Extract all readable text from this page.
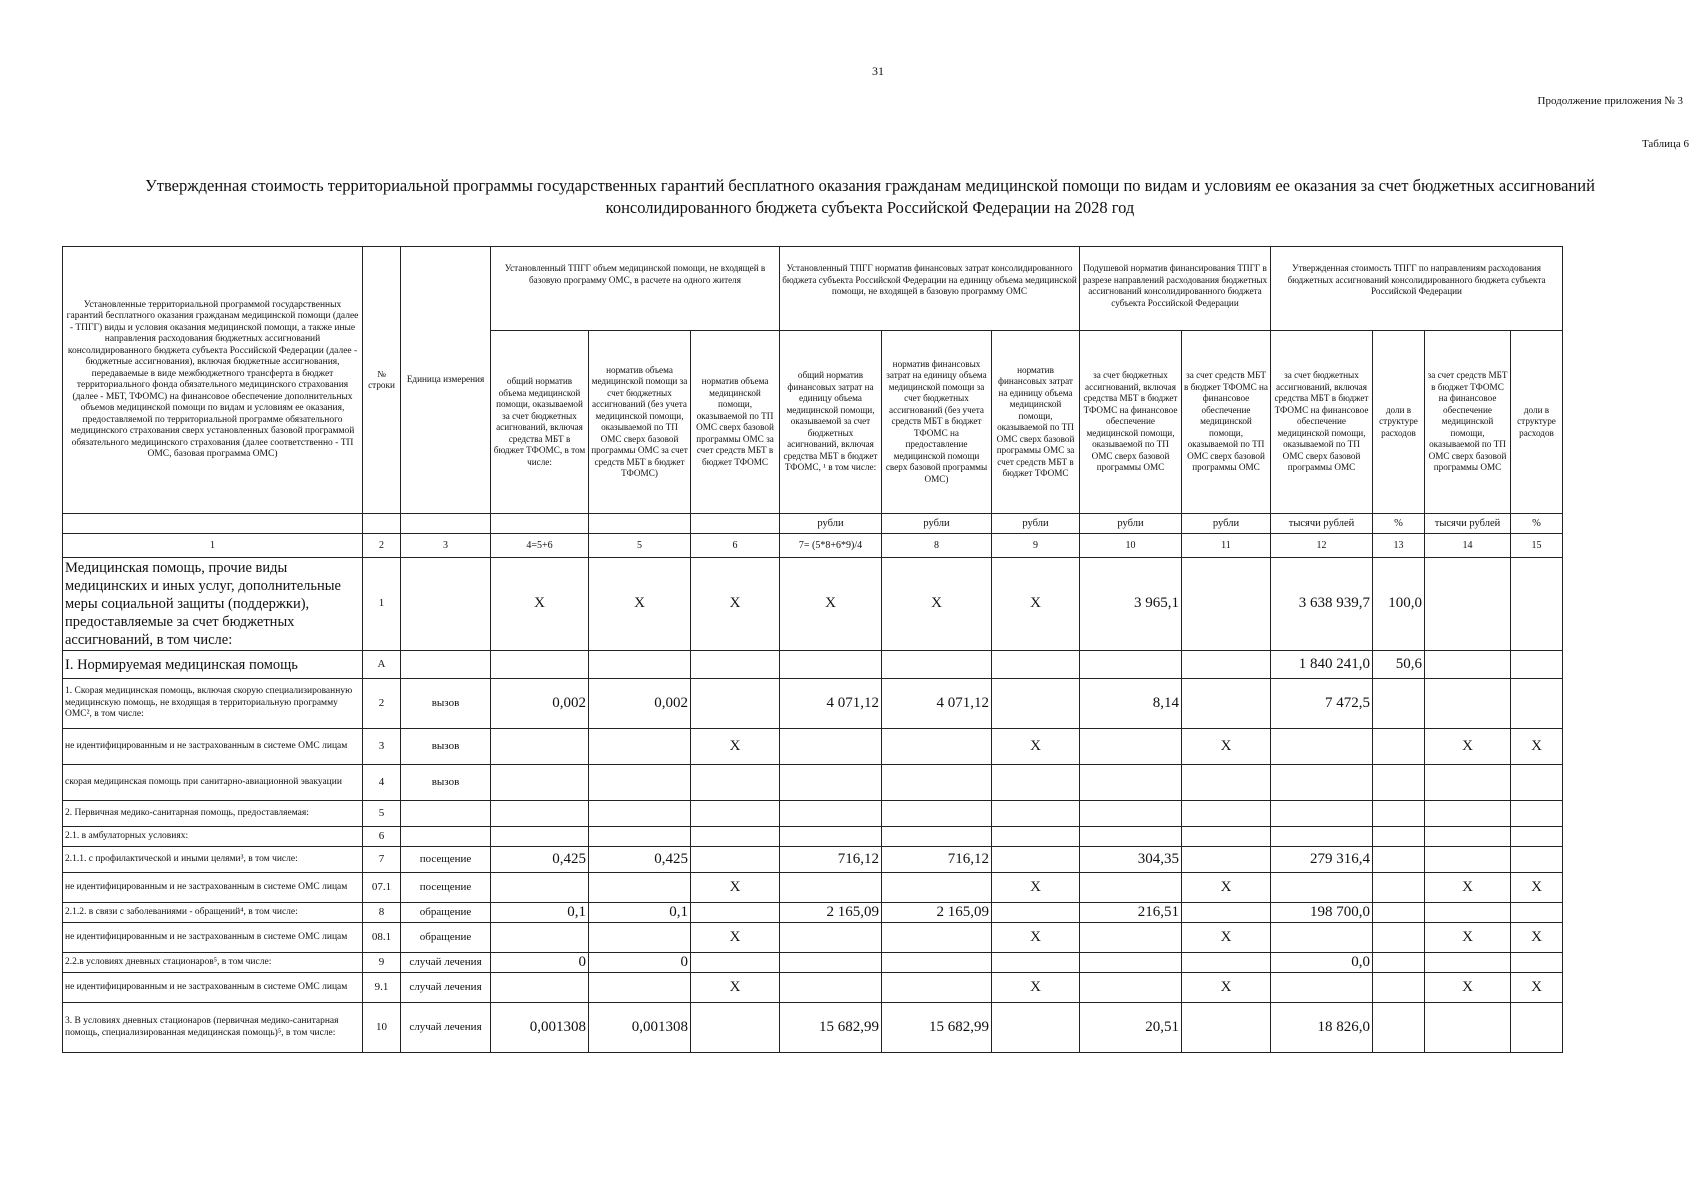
31
Продолжение приложения № 3
Таблица 6
Утвержденная стоимость территориальной программы государственных гарантий бесплатного оказания гражданам медицинской помощи по видам и условиям ее оказания за счет бюджетных ассигнований консолидированного бюджета субъекта Российской Федерации на 2028 год
Установленные территориальной программой государственных гарантий бесплатного оказания гражданам медицинской помощи (далее - ТПГГ) виды и условия оказания медицинской помощи, а также иные направления расходования бюджетных ассигнований консолидированного бюджета субъекта Российской Федерации (далее - бюджетные ассигнования), включая бюджетные ассигнования, передаваемые в виде межбюджетного трансферта в бюджет территориального фонда обязательного медицинского страхования (далее - МБТ, ТФОМС) на финансовое обеспечение дополнительных объемов медицинской помощи по видам и условиям ее оказания, предоставляемой по территориальной программе обязательного медицинского страхования сверх установленных базовой программой обязательного медицинского страхования (далее соответственно - ТП ОМС, базовая программа ОМС)	№ строки	Единица измерения	Установленный ТПГГ объем медицинской помощи, не входящей в базовую программу ОМС, в расчете на одного жителя			Установленный ТПГГ норматив финансовых затрат консолидированного бюджета субъекта Российской Федерации на единицу объема медицинской помощи, не входящей в базовую программу ОМС			Подушевой норматив финансирования ТПГГ в разрезе направлений расходования бюджетных ассигнований консолидированного бюджета субъекта Российской Федерации		Утвержденная стоимость ТПГГ по направлениям расходования бюджетных ассигнований консолидированного бюджета субъекта Российской Федерации			
			общий норматив объема медицинской помощи, оказываемой за счет бюджетных асигнований, включая средства МБТ в бюджет ТФОМС, в том числе:	норматив объема медицинской помощи за счет бюджетных ассигнований (без учета медицинской помощи, оказываемой по ТП ОМС сверх базовой программы ОМС за счет средств МБТ в бюджет ТФОМС)	норматив объема медицинской помощи, оказываемой по ТП ОМС сверх базовой программы ОМС за счет средств МБТ в бюджет ТФОМС	общий норматив финансовых затрат на единицу объема медицинской помощи, оказываемой за счет бюджетных асигнований, включая средства МБТ в бюджет ТФОМС, ¹ в том числе:	норматив финансовых затрат на единицу объема медицинской помощи за счет бюджетных ассигнований (без учета средств МБТ в бюджет ТФОМС на предоставление медицинской помощи сверх базовой программы ОМС)	норматив финансовых затрат на единицу объема медицинской помощи, оказываемой по ТП ОМС сверх базовой программы ОМС за счет средств МБТ в бюджет ТФОМС	за счет бюджетных ассигнований, включая средства МБТ в бюджет ТФОМС на финансовое обеспечение медицинской помощи, оказываемой по ТП ОМС сверх базовой программы ОМС	за счет средств МБТ в бюджет ТФОМС на финансовое обеспечение медицинской помощи, оказываемой по ТП ОМС сверх базовой программы ОМС	за счет бюджетных ассигнований, включая средства МБТ в бюджет ТФОМС на финансовое обеспечение медицинской помощи, оказываемой по ТП ОМС сверх базовой программы ОМС	доли в структуре расходов	за счет средств МБТ в бюджет ТФОМС на финансовое обеспечение медицинской помощи, оказываемой по ТП ОМС сверх базовой программы ОМС	доли в структуре расходов
						рубли	рубли	рубли	рубли	рубли	тысячи рублей	%	тысячи рублей	%
1	2	3	4=5+6	5	6	7= (5*8+6*9)/4	8	9	10	11	12	13	14	15
Медицинская помощь, прочие виды медицинских и иных услуг, дополнительные меры социальной защиты (поддержки), предоставляемые за счет бюджетных ассигнований, в том числе:	1		X	X	X	X	X	X	3 965,1		3 638 939,7	100,0		
I. Нормируемая медицинская помощь	А										1 840 241,0	50,6		
1. Скорая медицинская помощь, включая скорую специализированную медицинскую помощь, не входящая в территориальную программу ОМС², в том числе:	2	вызов	0,002	0,002		4 071,12	4 071,12		8,14		7 472,5			
не идентифицированным и не застрахованным в системе ОМС лицам	3	вызов			X			X		X			X	X
скорая медицинская помощь при санитарно-авиационной эвакуации	4	вызов												
2. Первичная медико-санитарная помощь, предоставляемая:	5													
2.1. в амбулаторных условиях:	6													
2.1.1. с профилактической и иными целями³, в том числе:	7	посещение	0,425	0,425		716,12	716,12		304,35		279 316,4			
не идентифицированным и не застрахованным в системе ОМС лицам	07.1	посещение			X			X		X			X	X
2.1.2. в связи с заболеваниями - обращений⁴, в том числе:	8	обращение	0,1	0,1		2 165,09	2 165,09		216,51		198 700,0			
не идентифицированным и не застрахованным в системе ОМС лицам	08.1	обращение			X			X		X			X	X
2.2.в условиях дневных стационаров⁵, в том числе:	9	случай лечения	0	0							0,0			
не идентифицированным и не застрахованным в системе ОМС лицам	9.1	случай лечения			X			X		X			X	X
3. В условиях дневных стационаров (первичная медико-санитарная помощь, специализированная медицинская помощь)⁵, в том числе:	10	случай лечения	0,001308	0,001308		15 682,99	15 682,99		20,51		18 826,0			
